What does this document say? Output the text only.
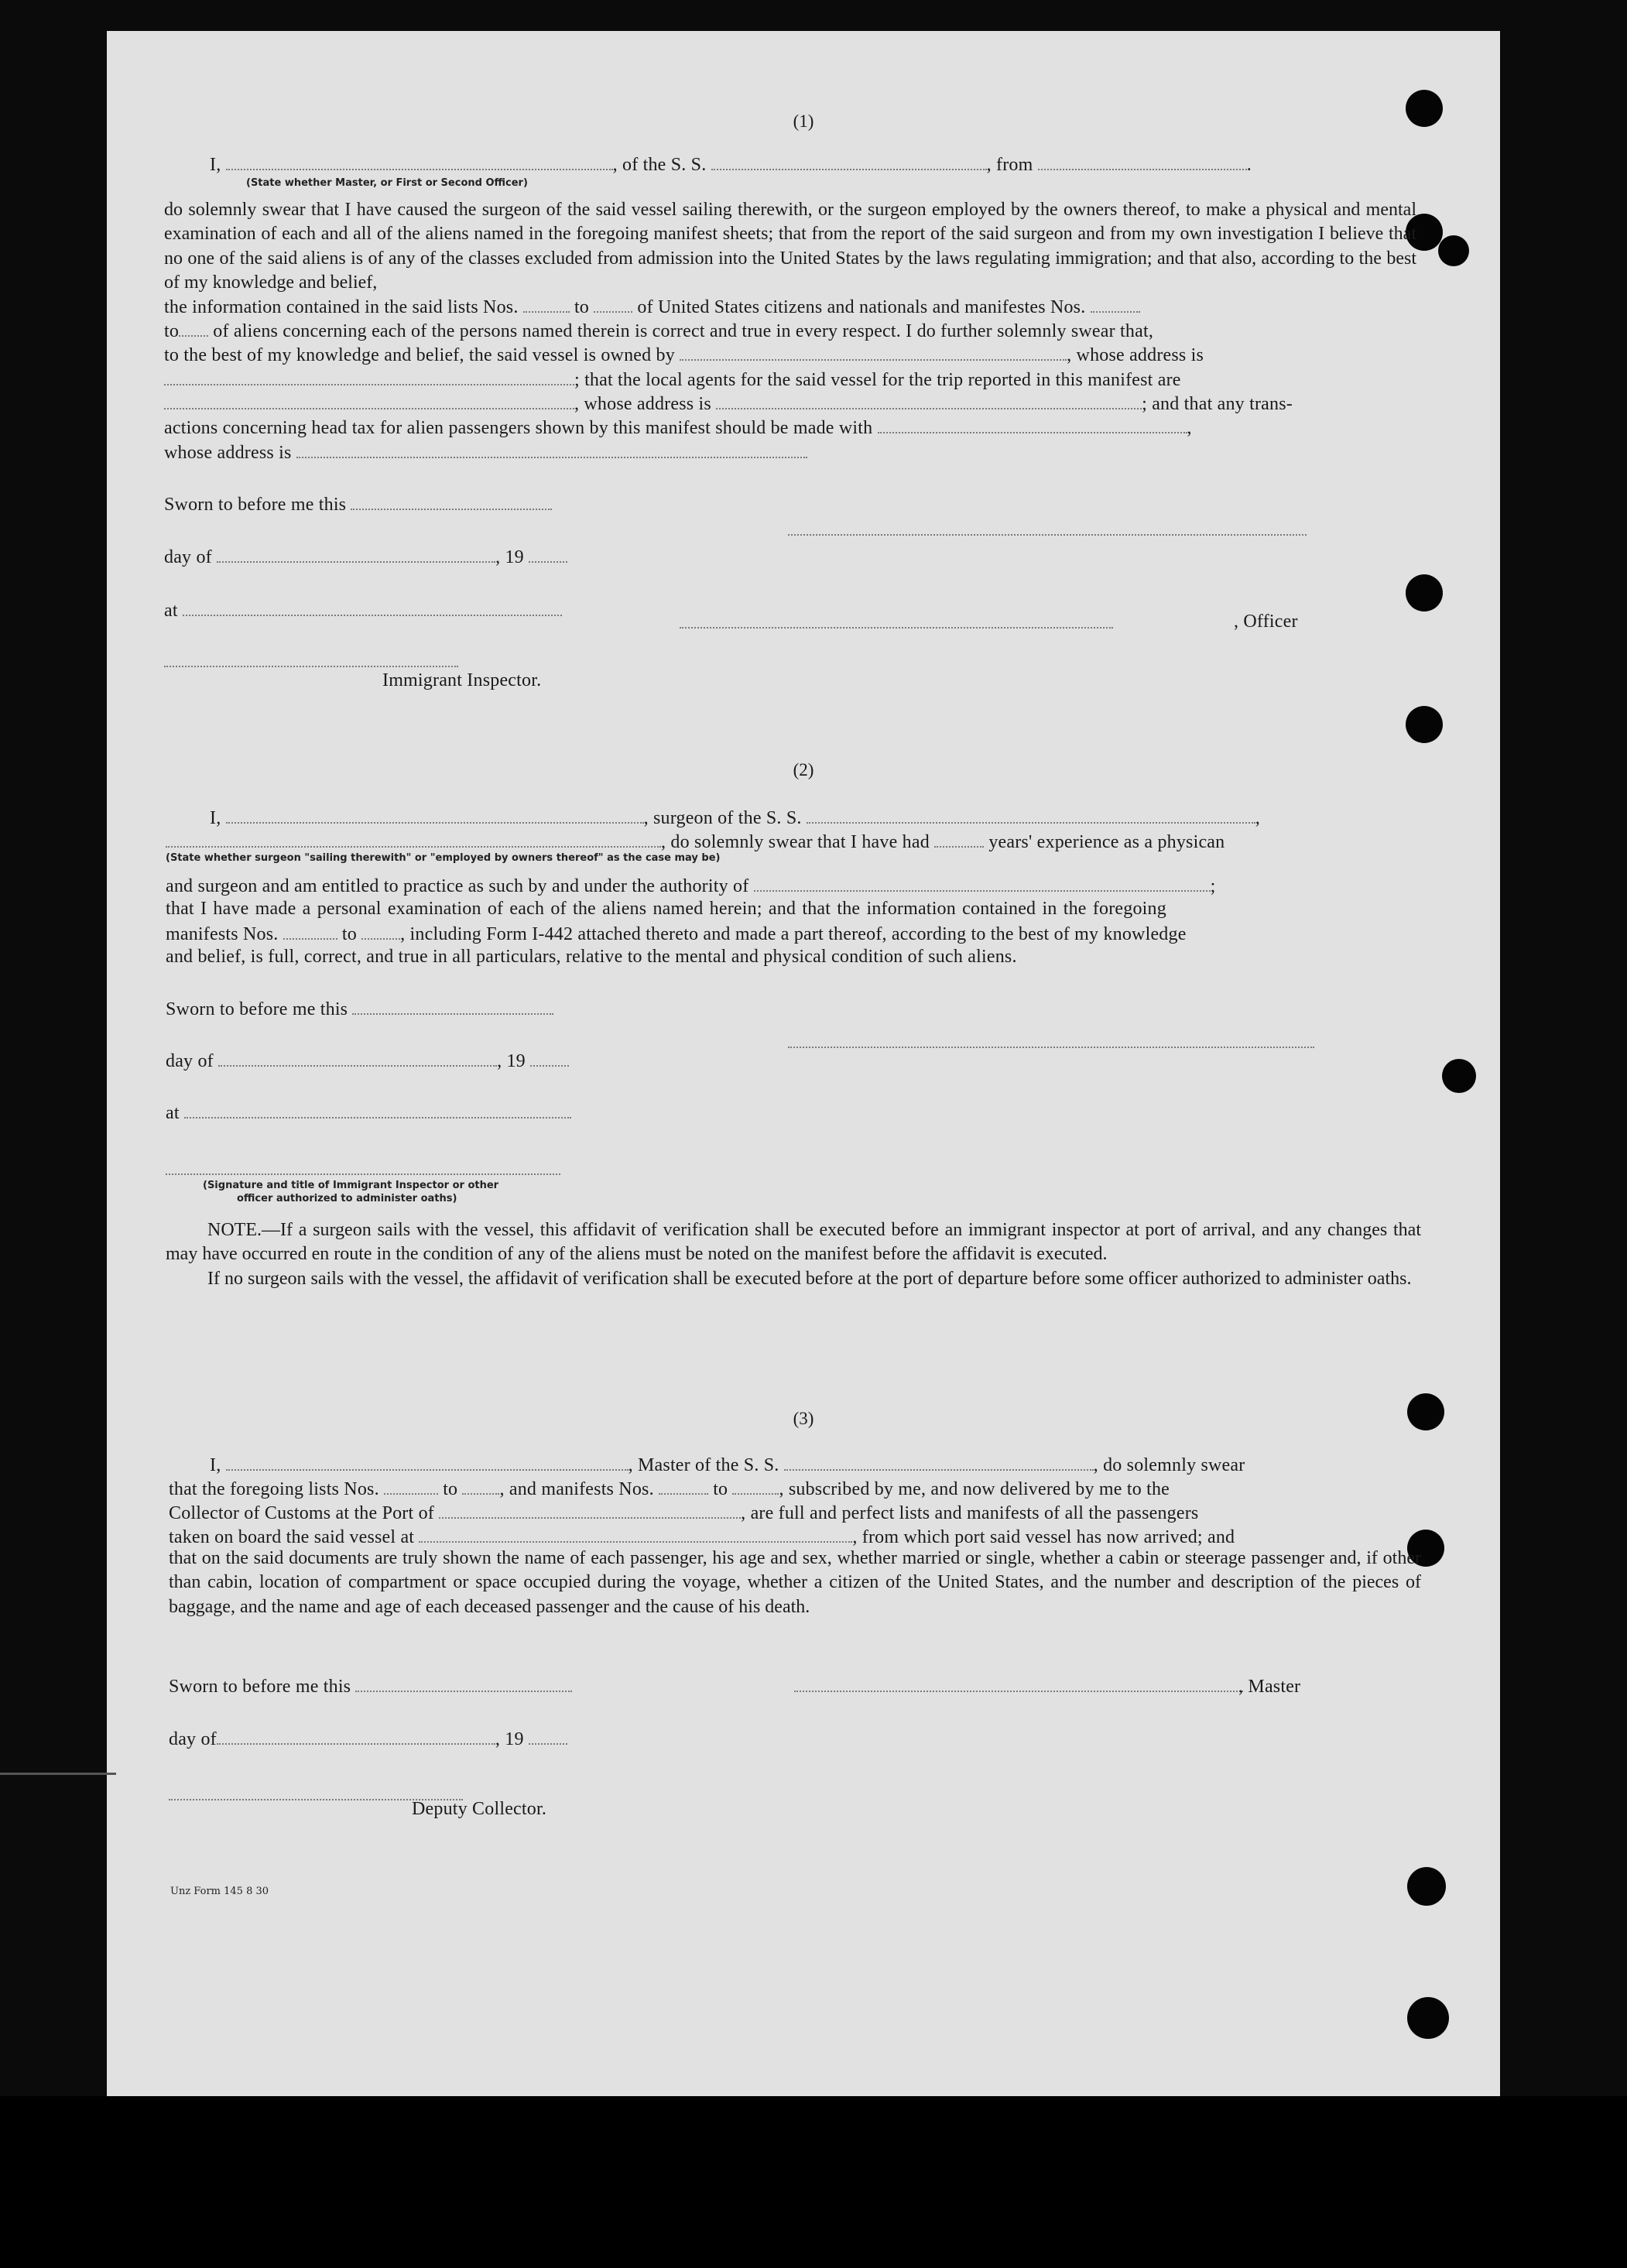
(1)
I,	, of the S. S.	, from	.
(State whether Master, or First or Second Officer)
do solemnly swear that I have caused the surgeon of the said vessel sailing therewith, or the surgeon employed by the owners thereof, to make a physical and mental examination of each and all of the aliens named in the foregoing manifest sheets; that from the report of the said surgeon and from my own investigation I believe that no one of the said aliens is of any of the classes excluded from admission into the United States by the laws regulating immigration; and that also, according to the best of my knowledge and belief,
the information contained in the said lists Nos.	to	of United States citizens and nationals and manifestes Nos.
to of aliens concerning each of the persons named therein is correct and true in every respect. I do further solemnly swear that,
to the best of my knowledge and belief, the said vessel is owned by	, whose address is
; that the local agents for the said vessel for the trip reported in this manifest are
, whose address is	; and that any trans-
actions concerning head tax for alien passengers shown by this manifest should be made with	,
whose address is
Sworn to before me this
day of	, 19
at
, Officer
Immigrant Inspector.
(2)
I,	, surgeon of the S. S.	,
, do solemnly swear that I have had	years' experience as a physican
(State whether surgeon "sailing therewith" or "employed by owners thereof" as the case may be)
and surgeon and am entitled to practice as such by and under the authority of	;
that I have made a personal examination of each of the aliens named herein; and that the information contained in the foregoing
manifests Nos.	to , including Form I-442 attached thereto and made a part thereof, according to the best of my knowledge
and belief, is full, correct, and true in all particulars, relative to the mental and physical condition of such aliens.
Sworn to before me this
day of	, 19
at
(Signature and title of Immigrant Inspector or other
officer authorized to administer oaths)

NOTE.—If a surgeon sails with the vessel, this affidavit of verification shall be executed before an immigrant inspector at port of arrival, and any changes that may have occurred en route in the condition of any of the aliens must be noted on the manifest before the affidavit is executed.

If no surgeon sails with the vessel, the affidavit of verification shall be executed before at the port of departure before some officer authorized to administer oaths.

(3)
I,	, Master of the S. S.	, do solemnly swear
that the foregoing lists Nos.	to , and manifests Nos.	to	, subscribed by me, and now delivered by me to the
Collector of Customs at the Port of	, are full and perfect lists and manifests of all the passengers
taken on board the said vessel at	, from which port said vessel has now arrived; and
that on the said documents are truly shown the name of each passenger, his age and sex, whether married or single, whether a cabin or steerage passenger and, if other than cabin, location of compartment or space occupied during the voyage, whether a citizen of the United States, and the number and description of the pieces of baggage, and the name and age of each deceased passenger and the cause of his death.
Sworn to before me this	, Master
day of	, 19
Deputy Collector.
Unz Form 145 8 30
